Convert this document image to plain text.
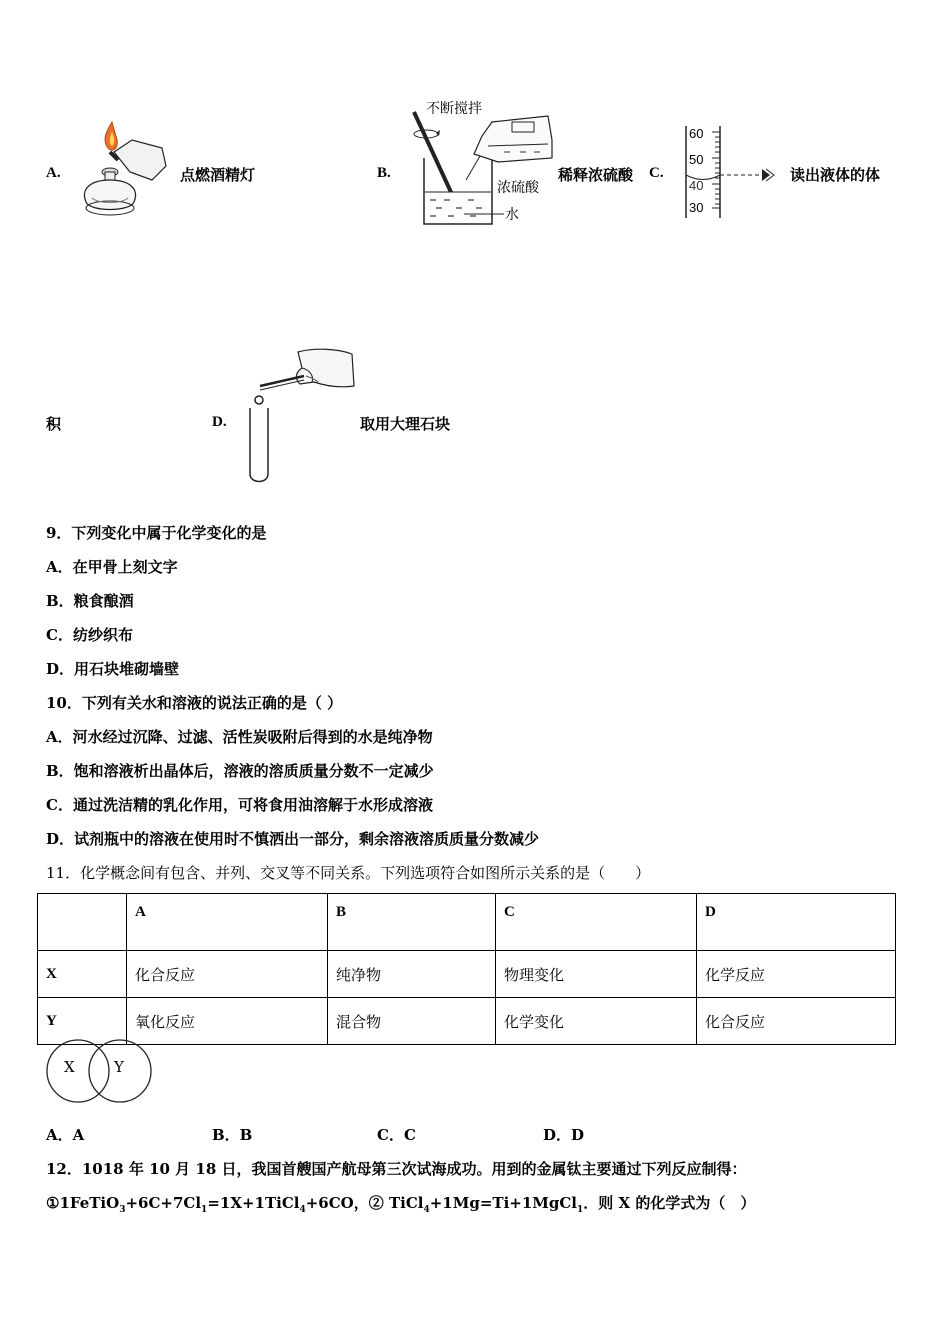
A.	点燃酒精灯	B.
不断搅拌
浓硫酸
水
稀释浓硫酸 C.
60
50
40
30
读出液体的体
积	D.	取用大理石块
9．下列变化中属于化学变化的是
A．在甲骨上刻文字
B．粮食酿酒
C．纺纱织布
D．用石块堆砌墙壁
10．下列有关水和溶液的说法正确的是（ ）
A．河水经过沉降、过滤、活性炭吸附后得到的水是纯净物
B．饱和溶液析出晶体后，溶液的溶质质量分数不一定减少
C．通过洗洁精的乳化作用，可将食用油溶解于水形成溶液
D．试剂瓶中的溶液在使用时不慎洒出一部分，剩余溶液溶质质量分数减少
11．化学概念间有包含、并列、交叉等不同关系。下列选项符合如图所示关系的是（　　）
	A	B	C	D
X	化合反应	纯净物	物理变化	化学反应
Y	氧化反应	混合物	化学变化	化合反应
X	Y
A．A	B．B	C．C	D．D
12．1018 年 10 月 18 日，我国首艘国产航母第三次试海成功。用到的金属钛主要通过下列反应制得：
$①1FeTiO_3+6C+7Cl_1=1X+1TiCl_4+6CO$，② TiCl$_4$+1Mg=Ti+1MgCl$_1$．则 X 的化学式为（　）
